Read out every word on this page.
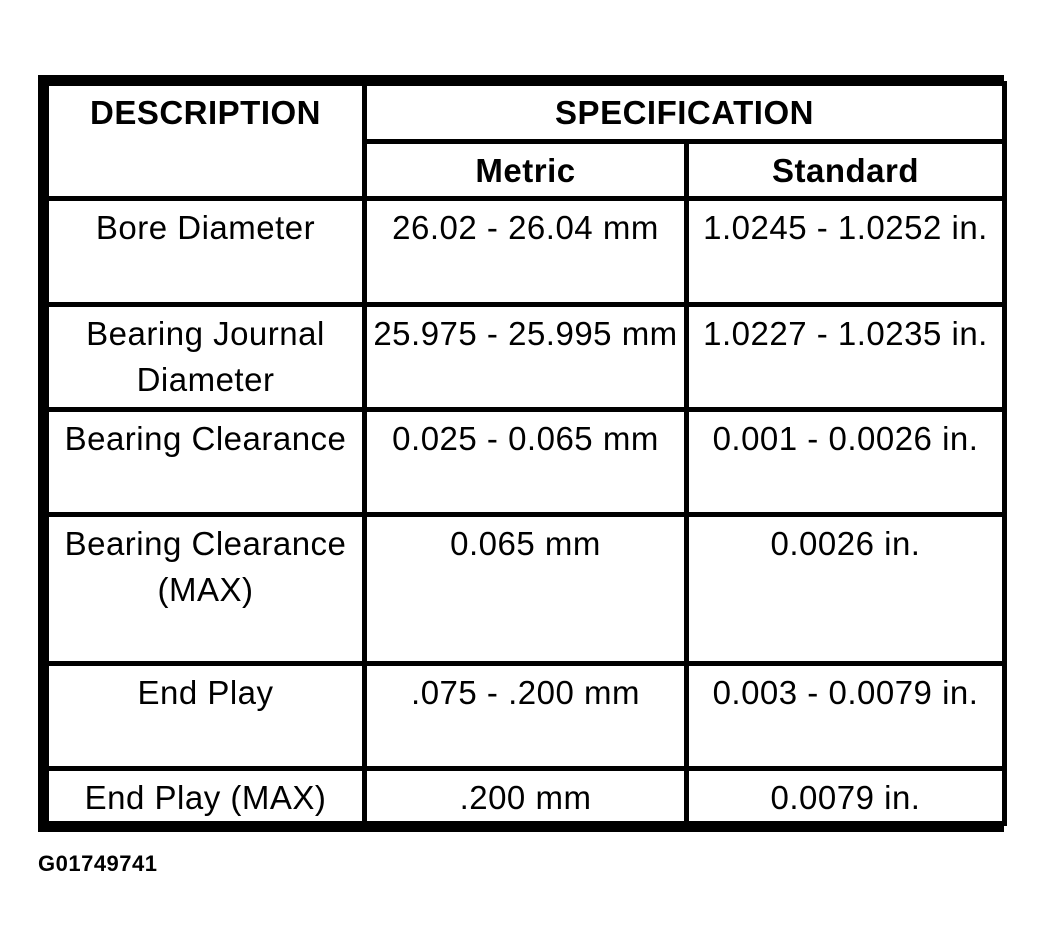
DESCRIPTION	SPECIFICATION	
	Metric	Standard
Bore Diameter	26.02 - 26.04 mm	1.0245 - 1.0252 in.
Bearing Journal Diameter	25.975 - 25.995 mm	1.0227 - 1.0235 in.
Bearing Clearance	0.025 - 0.065 mm	0.001 - 0.0026 in.
Bearing Clearance (MAX)	0.065 mm	0.0026 in.
End Play	.075 - .200 mm	0.003 - 0.0079 in.
End Play (MAX)	.200 mm	0.0079 in.
G01749741
